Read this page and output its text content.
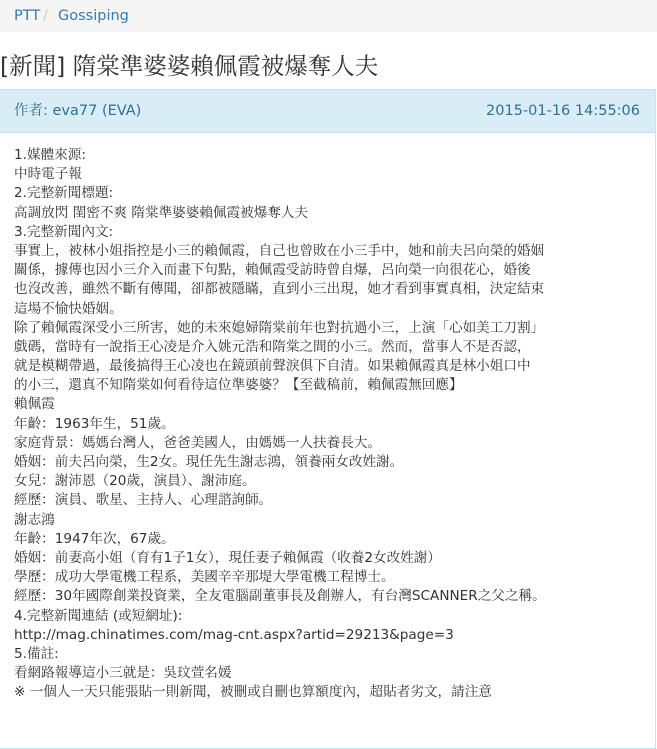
PTT / Gossiping
[新聞] 隋棠準婆婆賴佩霞被爆奪人夫
作者: eva77 (EVA)	2015-01-16 14:55:06
1.媒體來源:
中時電子報
2.完整新聞標題:
高調放閃 閨密不爽 隋棠準婆婆賴佩霞被爆奪人夫
3.完整新聞內文:
事實上，被林小姐指控是小三的賴佩霞，自己也曾敗在小三手中，她和前夫呂向榮的婚姻
關係，據傳也因小三介入而畫下句點，賴佩霞受訪時曾自爆，呂向榮一向很花心，婚後
也沒改善，雖然不斷有傳聞，卻都被隱瞞，直到小三出現，她才看到事實真相，決定結束
這場不愉快婚姻。
除了賴佩霞深受小三所害，她的未來媳婦隋棠前年也對抗過小三，上演「心如美工刀割」
戲碼，當時有一說指王心凌是介入姚元浩和隋棠之間的小三。然而，當事人不是否認，
就是模糊帶過，最後搞得王心凌也在鏡頭前聲淚俱下自清。如果賴佩霞真是林小姐口中
的小三，還真不知隋棠如何看待這位準婆婆？【至截稿前，賴佩霞無回應】
賴佩霞
年齡：1963年生，51歲。
家庭背景：媽媽台灣人，爸爸美國人，由媽媽一人扶養長大。
婚姻：前夫呂向榮，生2女。現任先生謝志鴻，領養兩女改姓謝。
女兒：謝沛恩（20歲，演員）、謝沛庭。
經歷：演員、歌星、主持人、心理諮詢師。
謝志鴻
年齡：1947年次，67歲。
婚姻：前妻高小姐（育有1子1女），現任妻子賴佩霞（收養2女改姓謝）
學歷：成功大學電機工程系，美國辛辛那堤大學電機工程博士。
經歷：30年國際創業投資業，全友電腦副董事長及創辦人，有台灣SCANNER之父之稱。
4.完整新聞連結 (或短網址):
http://mag.chinatimes.com/mag-cnt.aspx?artid=29213&page=3
5.備註:
看網路報導這小三就是：吳玟萱名媛
※ 一個人一天只能張貼一則新聞，被刪或自刪也算額度內，超貼者劣文，請注意
